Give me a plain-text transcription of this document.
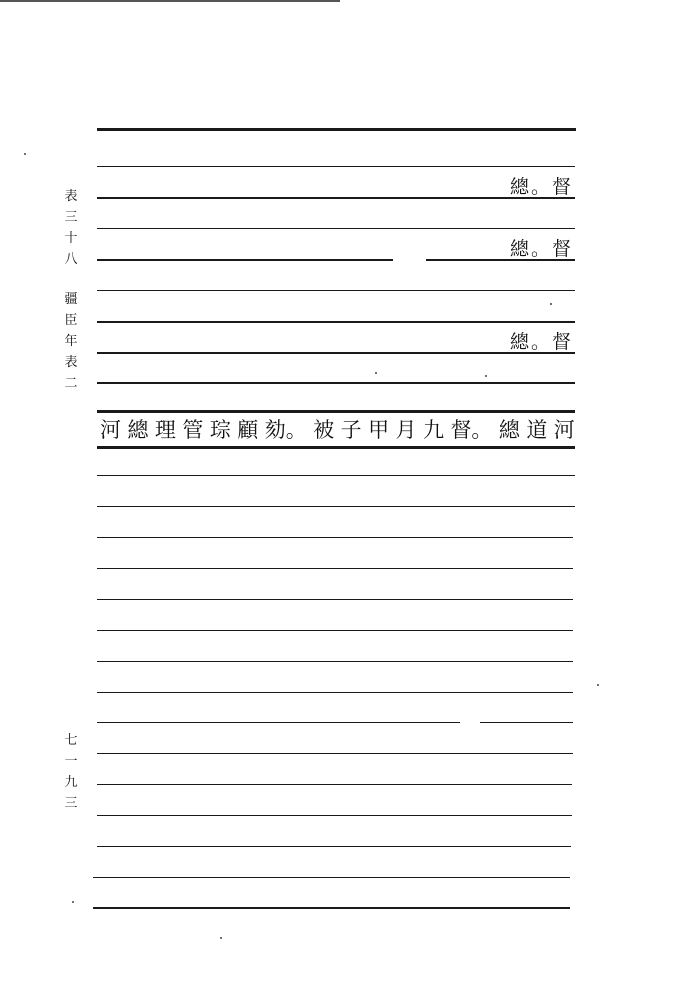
表
三
十
八
疆
臣
年
表
二
七
一
九
三
總。督
總。督
總。督
河 總 理 管 琮 顧 劾。 被 子 甲 月 九 督。 總 道 河
